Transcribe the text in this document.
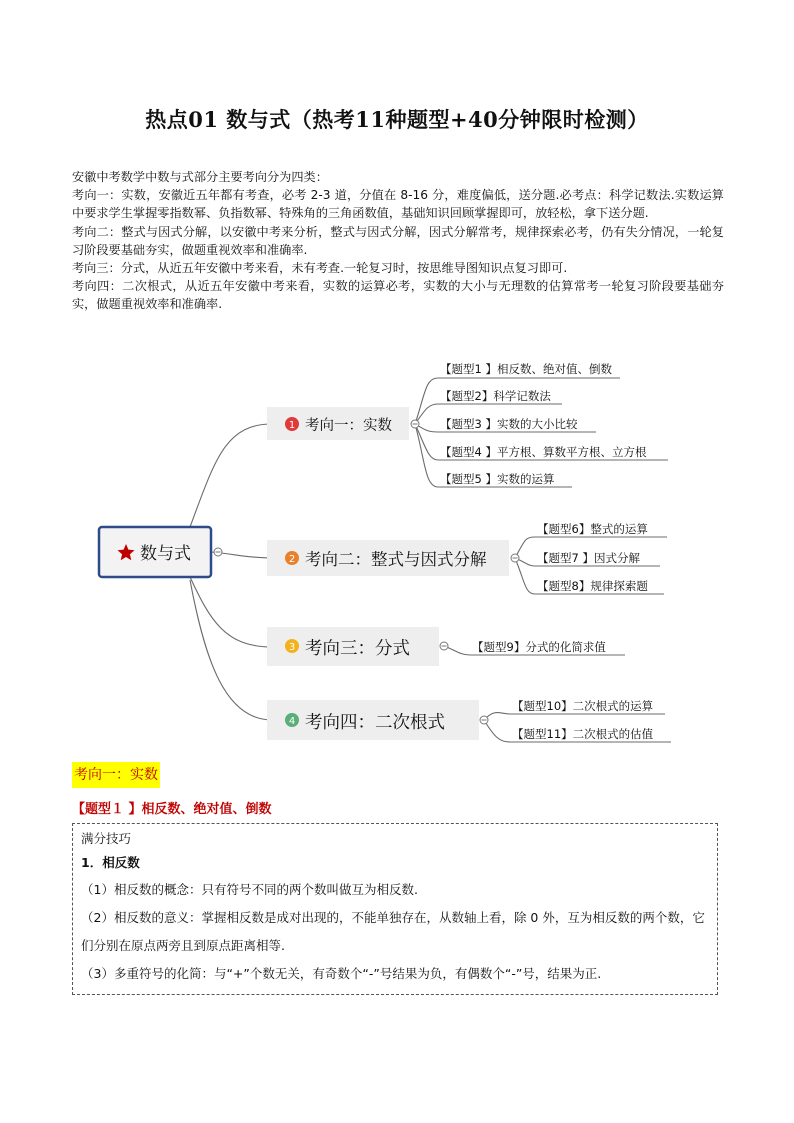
热点01 数与式（热考11种题型+40分钟限时检测）

安徽中考数学中数与式部分主要考向分为四类：

考向一：实数，安徽近五年都有考查，必考 2-3 道，分值在 8-16 分，难度偏低，送分题.必考点：科学记数法.实数运算中要求学生掌握零指数幂、负指数幂、特殊角的三角函数值，基础知识回顾掌握即可，放轻松，拿下送分题.

考向二：整式与因式分解，以安徽中考来分析，整式与因式分解，因式分解常考，规律探索必考，仍有失分情况，一轮复习阶段要基础夯实，做题重视效率和准确率.

考向三：分式，从近五年安徽中考来看，未有考查.一轮复习时，按思维导图知识点复习即可.

考向四：二次根式，从近五年安徽中考来看，实数的运算必考，实数的大小与无理数的估算常考一轮复习阶段要基础夯实，做题重视效率和准确率.

数与式
1 考向一：实数
【题型1 】相反数、绝对值、倒数
【题型2】科学记数法
【题型3 】实数的大小比较
【题型4 】平方根、算数平方根、立方根
【题型5 】实数的运算
2 考向二：整式与因式分解
【题型6】整式的运算
【题型7 】因式分解
【题型8】规律探索题
3 考向三：分式	【题型9】分式的化简求值
4 考向四：二次根式
【题型10】二次根式的运算
【题型11】二次根式的估值
考向一：实数
【题型１ 】相反数、绝对值、倒数

满分技巧

1．相反数

（1）相反数的概念：只有符号不同的两个数叫做互为相反数.

（2）相反数的意义：掌握相反数是成对出现的，不能单独存在，从数轴上看，除 0 外，互为相反数的两个数，它们分别在原点两旁且到原点距离相等.

（3）多重符号的化简：与“+”个数无关，有奇数个“-”号结果为负，有偶数个“-”号，结果为正.
